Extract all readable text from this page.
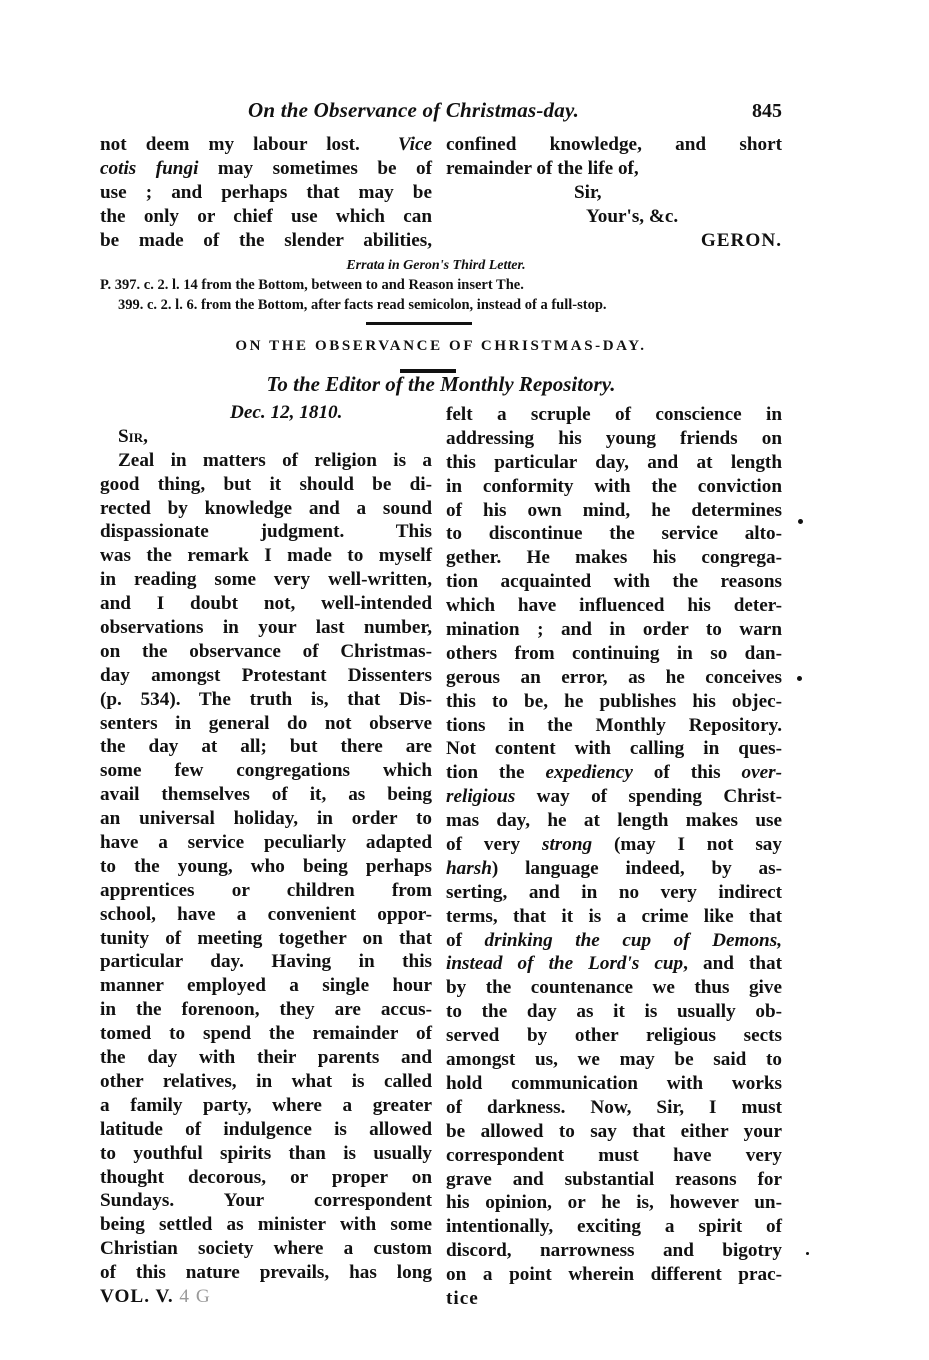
On the Observance of Christmas-day.	845
not deem my labour lost.  Vice
cotis fungi may sometimes be of
use ; and perhaps that may be
the only or chief use which can
be made of the slender abilities,
confined knowledge, and short
remainder of the life of,
Sir,
Your's, &c.
GERON.
Errata in Geron's Third Letter.
P. 397. c. 2. l. 14 from the Bottom, between to and Reason insert The.
399. c. 2. l. 6. from the Bottom, after facts read semicolon, instead of a full-stop.
ON THE OBSERVANCE OF CHRISTMAS-DAY.
To the Editor of the Monthly Repository.
Dec. 12, 1810.
Sir,
Zeal in matters of religion is a
good thing, but it should be di-
rected by knowledge and a sound
dispassionate judgment. This
was the remark I made to myself
in reading some very well-written,
and I doubt not, well-intended
observations in your last number,
on the observance of Christmas-
day amongst Protestant Dissenters
(p. 534). The truth is, that Dis-
senters in general do not observe
the day at all; but there are
some few congregations which
avail themselves of it, as being
an universal holiday, in order to
have a service peculiarly adapted
to the young, who being perhaps
apprentices or children from
school, have a convenient oppor-
tunity of meeting together on that
particular day. Having in this
manner employed a single hour
in the forenoon, they are accus-
tomed to spend the remainder of
the day with their parents and
other relatives, in what is called
a family party, where a greater
latitude of indulgence is allowed
to youthful spirits than is usually
thought decorous, or proper on
Sundays. Your correspondent
being settled as minister with some
Christian society where a custom
of this nature prevails, has long
VOL. V. 4 G
felt a scruple of conscience in
addressing his young friends on
this particular day, and at length
in conformity with the conviction
of his own mind, he determines
to discontinue the service alto-
gether. He makes his congrega-
tion acquainted with the reasons
which have influenced his deter-
mination ; and in order to warn
others from continuing in so dan-
gerous an error, as he conceives
this to be, he publishes his objec-
tions in the Monthly Repository.
Not content with calling in ques-
tion the expediency of this over-
religious way of spending Christ-
mas day, he at length makes use
of very strong (may I not say
harsh) language indeed, by as-
serting, and in no very indirect
terms, that it is a crime like that
of drinking the cup of Demons,
instead of the Lord's cup, and that
by the countenance we thus give
to the day as it is usually ob-
served by other religious sects
amongst us, we may be said to
hold communication with works
of darkness. Now, Sir, I must
be allowed to say that either your
correspondent must have very
grave and substantial reasons for
his opinion, or he is, however un-
intentionally, exciting a spirit of
discord, narrowness and bigotry
on a point wherein different prac-
tice
